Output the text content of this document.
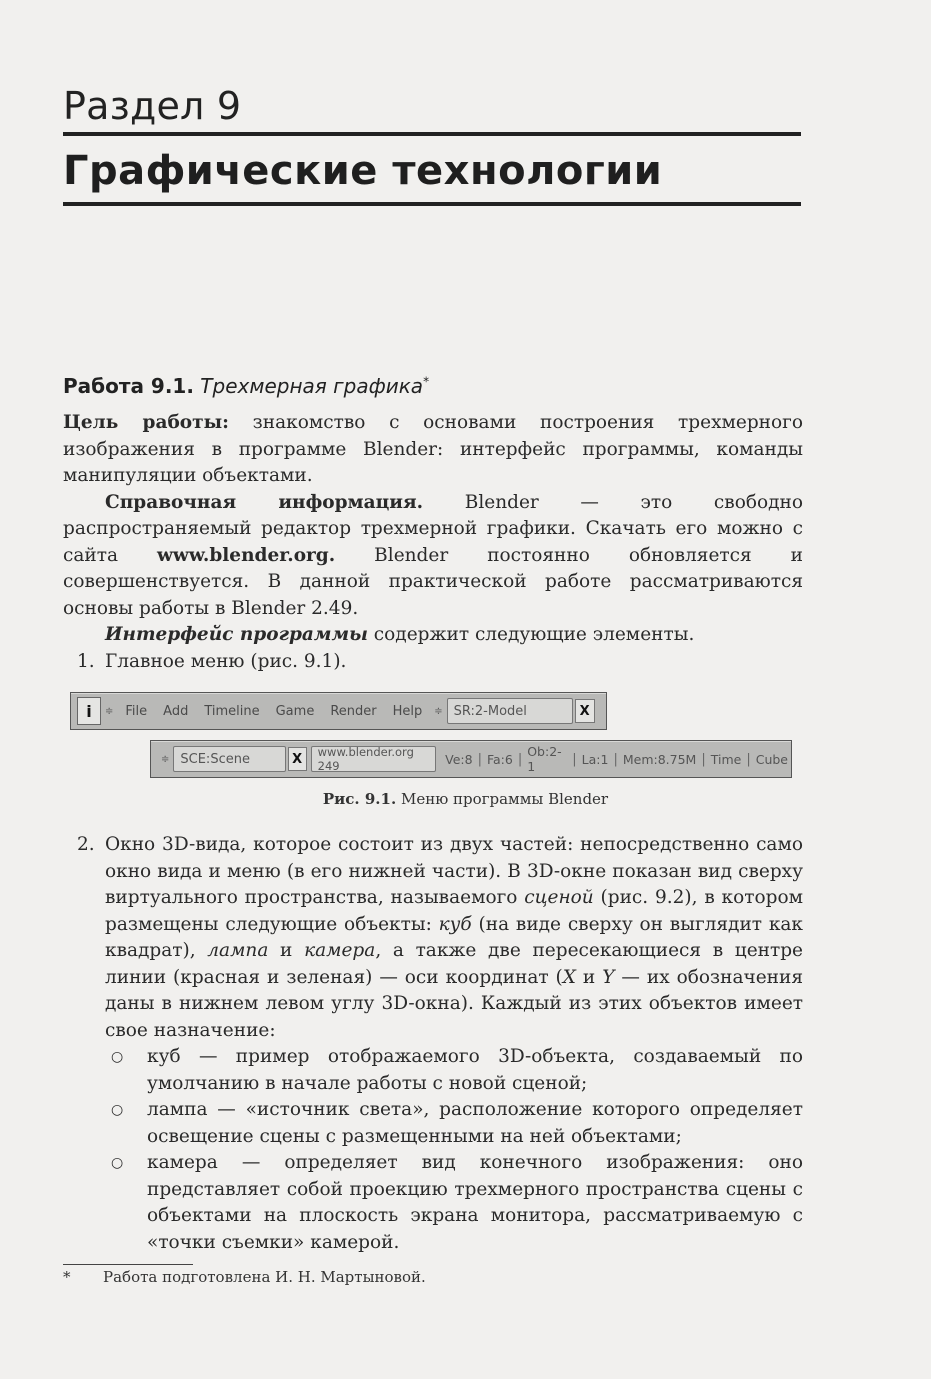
Раздел 9
Графические технологии
Работа 9.1. Трехмерная графика*

Цель работы: знакомство с основами построения трехмерного изображения в программе Blender: интерфейс программы, команды манипуляции объектами.

Справочная информация. Blender — это свободно распространяемый редактор трехмерной графики. Скачать его можно с сайта www.blender.org. Blender постоянно обновляется и совершенствуется. В данной практической работе рассматриваются основы работы в Blender 2.49.

Интерфейс программы содержит следующие элементы.

1. Главное меню (рис. 9.1).
i	≑ File	Add	Timeline	Game	Render	Help	≑ SR:2-Model	X
≑ SCE:Scene	X	www.blender.org 249	Ve:8 | Fa:6 | Ob:2-1	| La:1 | Mem:8.75M | Time | Cube
Рис. 9.1. Меню программы Blender
2. Окно 3D-вида, которое состоит из двух частей: непосредственно само окно вида и меню (в его нижней части). В 3D-окне показан вид сверху виртуального пространства, называемого сценой (рис. 9.2), в котором размещены следующие объекты: куб (на виде сверху он выглядит как квадрат), лампа и камера, а также две пересекающиеся в центре линии (красная и зеленая) — оси координат (X и Y — их обозначения даны в нижнем левом углу 3D-окна). Каждый из этих объектов имеет свое назначение:
○ куб — пример отображаемого 3D-объекта, создаваемый по умолчанию в начале работы с новой сценой;
○ лампа — «источник света», расположение которого определяет освещение сцены с размещенными на ней объектами;
○ камера — определяет вид конечного изображения: оно представляет собой проекцию трехмерного пространства сцены с объектами на плоскость экрана монитора, рассматриваемую с «точки съемки» камерой.
* Работа подготовлена И. Н. Мартыновой.
